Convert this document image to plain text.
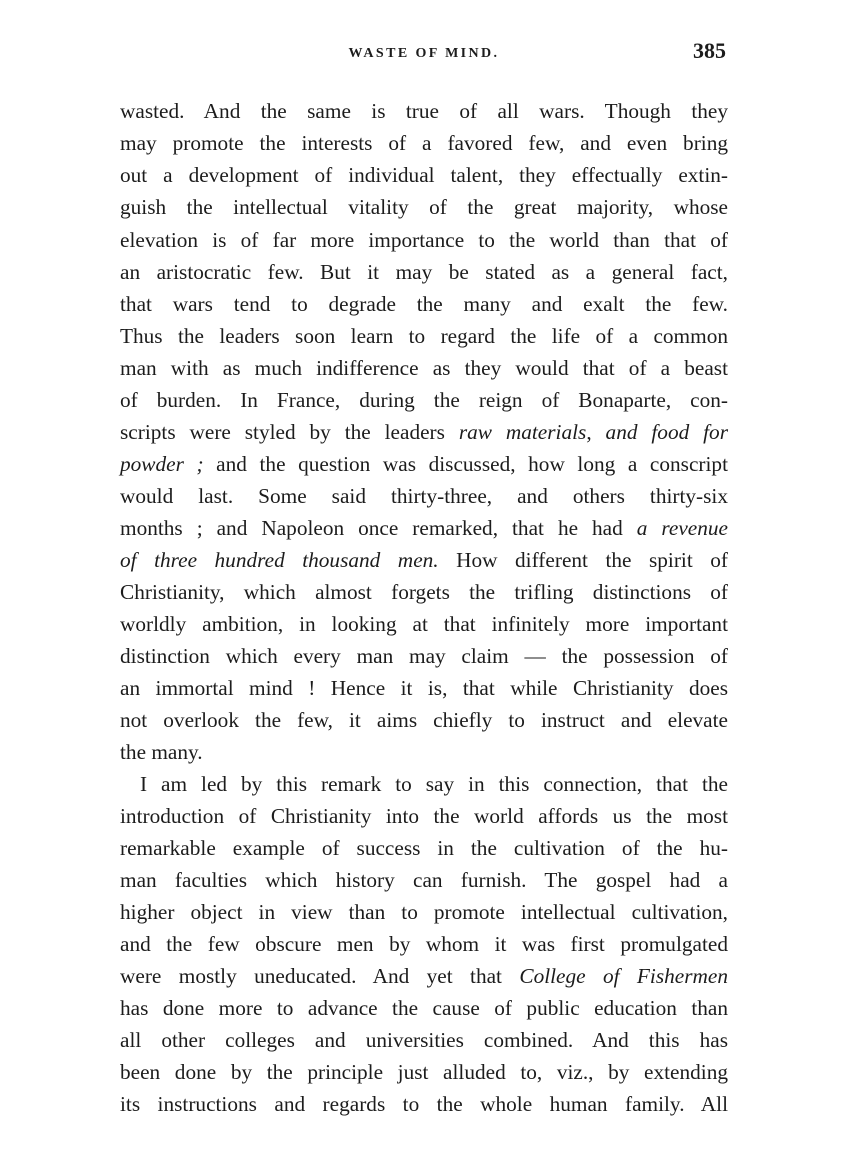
WASTE OF MIND.	385
wasted. And the same is true of all wars. Though they
may promote the interests of a favored few, and even bring
out a development of individual talent, they effectually extin-
guish the intellectual vitality of the great majority, whose
elevation is of far more importance to the world than that of
an aristocratic few. But it may be stated as a general fact,
that wars tend to degrade the many and exalt the few.
Thus the leaders soon learn to regard the life of a common
man with as much indifference as they would that of a beast
of burden. In France, during the reign of Bonaparte, con-
scripts were styled by the leaders raw materials, and food for
powder ; and the question was discussed, how long a conscript
would last. Some said thirty-three, and others thirty-six
months ; and Napoleon once remarked, that he had a revenue
of three hundred thousand men. How different the spirit of
Christianity, which almost forgets the trifling distinctions of
worldly ambition, in looking at that infinitely more important
distinction which every man may claim — the possession of
an immortal mind ! Hence it is, that while Christianity does
not overlook the few, it aims chiefly to instruct and elevate
the many.
I am led by this remark to say in this connection, that the
introduction of Christianity into the world affords us the most
remarkable example of success in the cultivation of the hu-
man faculties which history can furnish. The gospel had a
higher object in view than to promote intellectual cultivation,
and the few obscure men by whom it was first promulgated
were mostly uneducated. And yet that College of Fishermen
has done more to advance the cause of public education than
all other colleges and universities combined. And this has
been done by the principle just alluded to, viz., by extending
its instructions and regards to the whole human family. All
